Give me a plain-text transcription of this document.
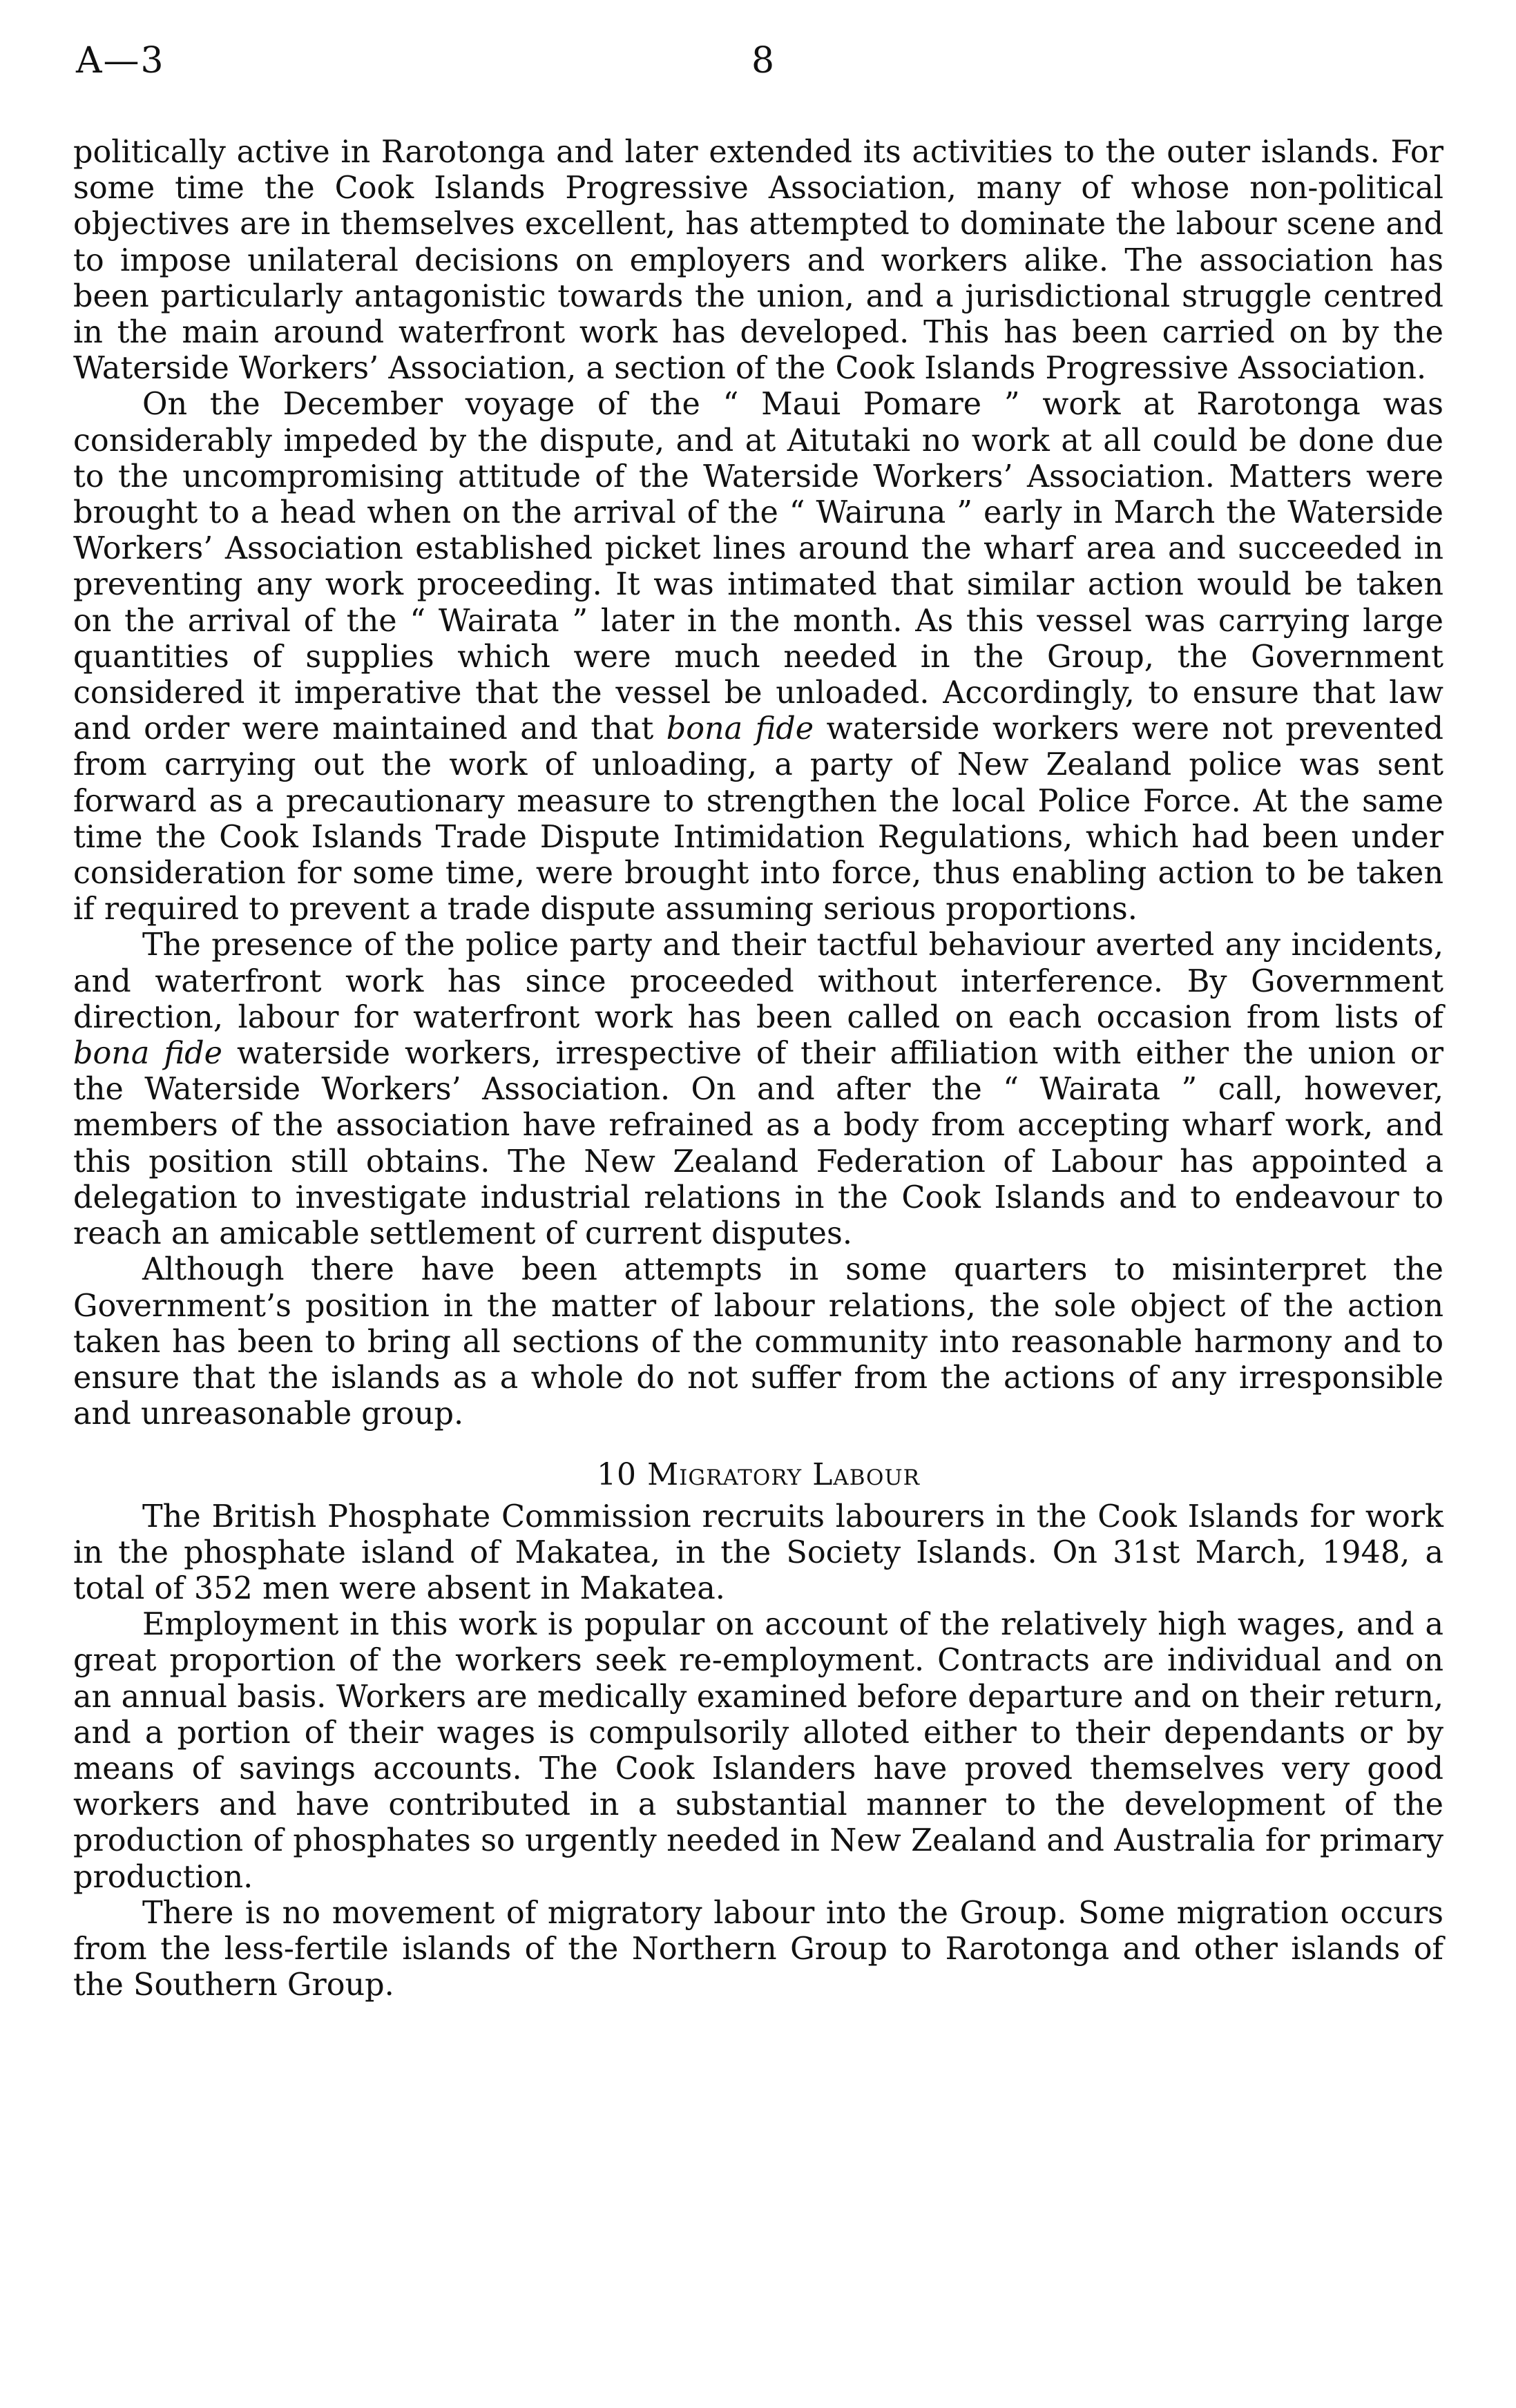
A—3	8

politically active in Rarotonga and later extended its activities to the outer islands. For some time the Cook Islands Progressive Association, many of whose non-political objectives are in themselves excellent, has attempted to dominate the labour scene and to impose unilateral decisions on employers and workers alike. The association has been particularly antagonistic towards the union, and a jurisdictional struggle centred in the main around waterfront work has developed. This has been carried on by the Waterside Workers’ Association, a section of the Cook Islands Progressive Association.

On the December voyage of the “ Maui Pomare ” work at Rarotonga was considerably impeded by the dispute, and at Aitutaki no work at all could be done due to the uncompromising attitude of the Waterside Workers’ Association. Matters were brought to a head when on the arrival of the “ Wairuna ” early in March the Waterside Workers’ Association established picket lines around the wharf area and succeeded in preventing any work proceeding. It was intimated that similar action would be taken on the arrival of the “ Wairata ” later in the month. As this vessel was carrying large quantities of supplies which were much needed in the Group, the Government considered it imperative that the vessel be unloaded. Accordingly, to ensure that law and order were maintained and that bona fide waterside workers were not prevented from carrying out the work of unloading, a party of New Zealand police was sent forward as a precautionary measure to strengthen the local Police Force. At the same time the Cook Islands Trade Dispute Intimidation Regulations, which had been under consideration for some time, were brought into force, thus enabling action to be taken if required to prevent a trade dispute assuming serious proportions.

The presence of the police party and their tactful behaviour averted any incidents, and waterfront work has since proceeded without interference. By Government direction, labour for waterfront work has been called on each occasion from lists of bona fide waterside workers, irrespective of their affiliation with either the union or the Waterside Workers’ Association. On and after the “ Wairata ” call, however, members of the association have refrained as a body from accepting wharf work, and this position still obtains. The New Zealand Federation of Labour has appointed a delegation to investigate industrial relations in the Cook Islands and to endeavour to reach an amicable settlement of current disputes.

Although there have been attempts in some quarters to misinterpret the Government’s position in the matter of labour relations, the sole object of the action taken has been to bring all sections of the community into reasonable harmony and to ensure that the islands as a whole do not suffer from the actions of any irresponsible and unreasonable group.

10 Migratory Labour

The British Phosphate Commission recruits labourers in the Cook Islands for work in the phosphate island of Makatea, in the Society Islands. On 31st March, 1948, a total of 352 men were absent in Makatea.

Employment in this work is popular on account of the relatively high wages, and a great proportion of the workers seek re-employment. Contracts are individual and on an annual basis. Workers are medically examined before departure and on their return, and a portion of their wages is compulsorily alloted either to their dependants or by means of savings accounts. The Cook Islanders have proved themselves very good workers and have contributed in a substantial manner to the development of the production of phosphates so urgently needed in New Zealand and Australia for primary production.

There is no movement of migratory labour into the Group. Some migration occurs from the less-fertile islands of the Northern Group to Rarotonga and other islands of the Southern Group.
